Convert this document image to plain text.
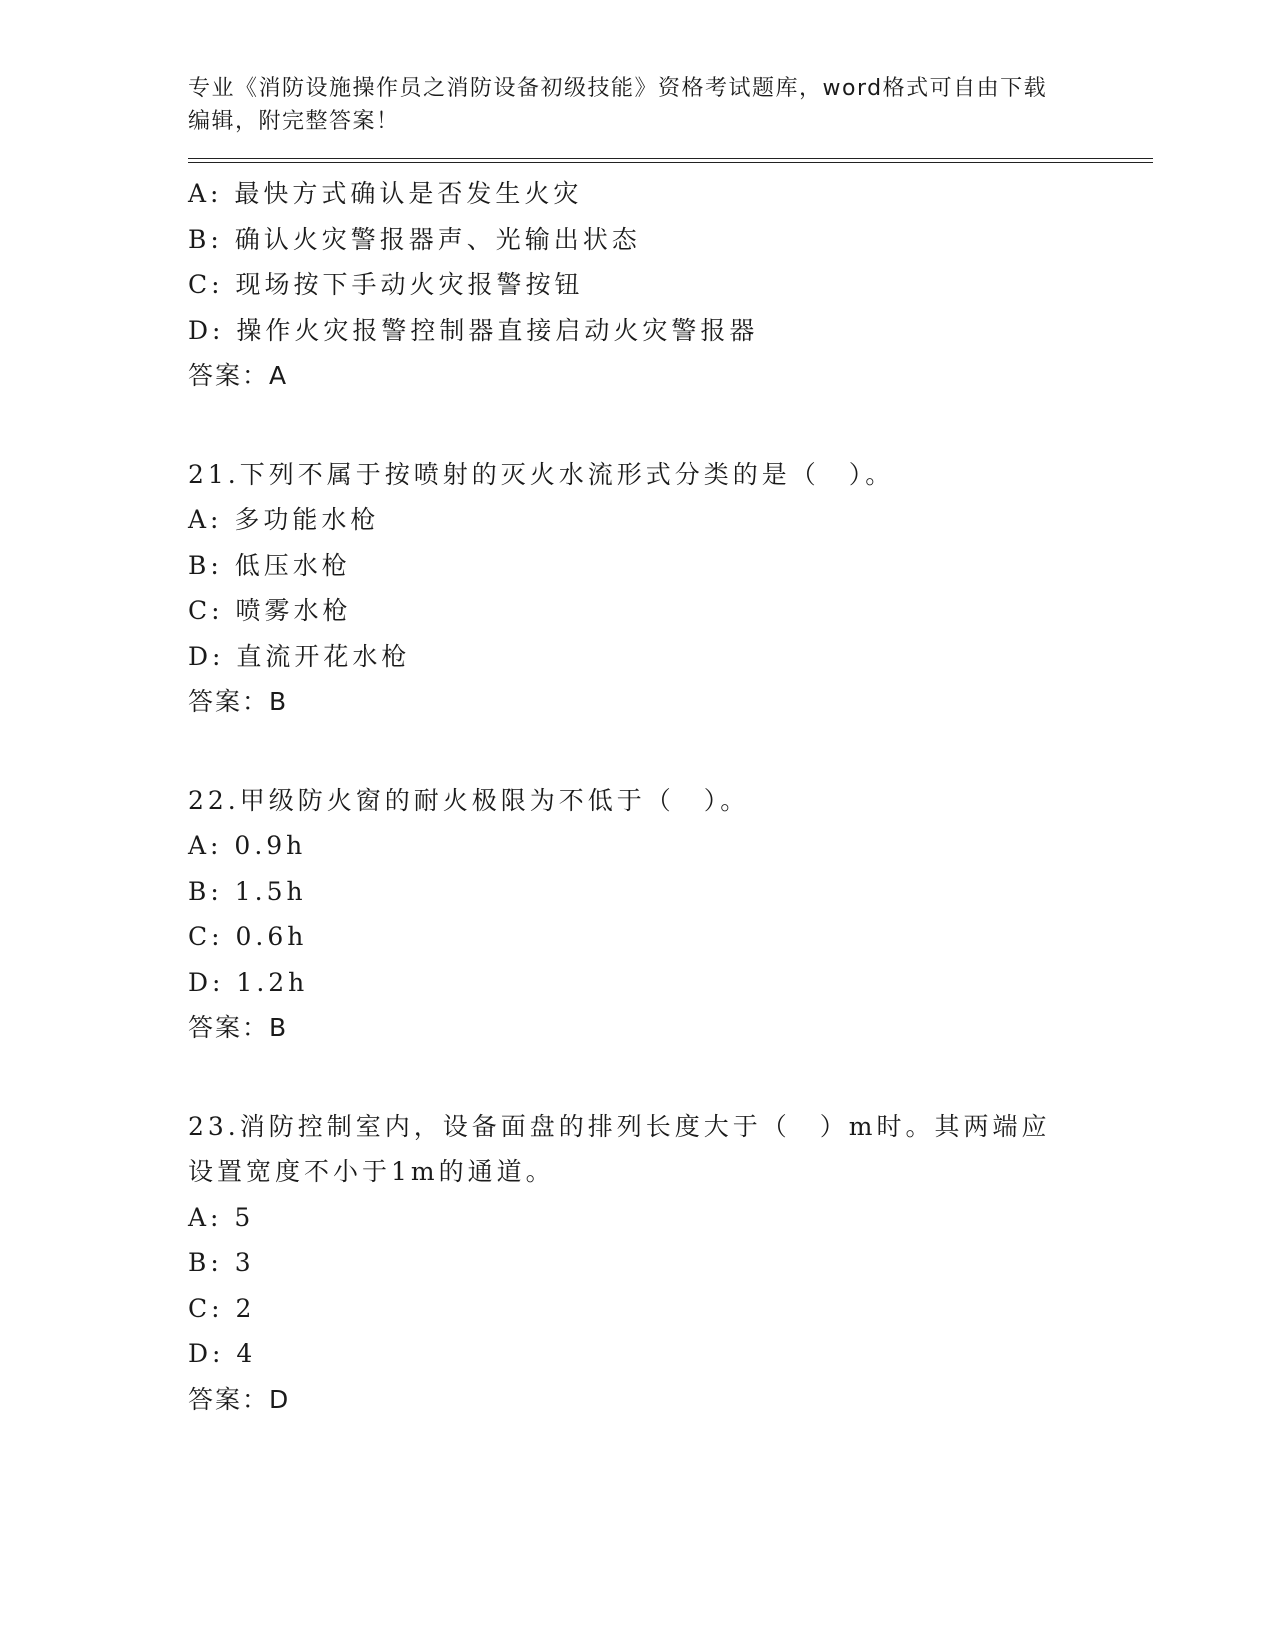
专业《消防设施操作员之消防设备初级技能》资格考试题库，word格式可自由下载编辑，附完整答案！

A: 最快方式确认是否发生火灾
B: 确认火灾警报器声、光输出状态
C: 现场按下手动火灾报警按钮
D: 操作火灾报警控制器直接启动火灾警报器
答案：A
21.下列不属于按喷射的灭火水流形式分类的是（　）。
A: 多功能水枪
B: 低压水枪
C: 喷雾水枪
D: 直流开花水枪
答案：B
22.甲级防火窗的耐火极限为不低于（　）。
A: 0.9h
B: 1.5h
C: 0.6h
D: 1.2h
答案：B
23.消防控制室内，设备面盘的排列长度大于（　）m时。其两端应设置宽度不小于1m的通道。
A: 5
B: 3
C: 2
D: 4
答案：D
